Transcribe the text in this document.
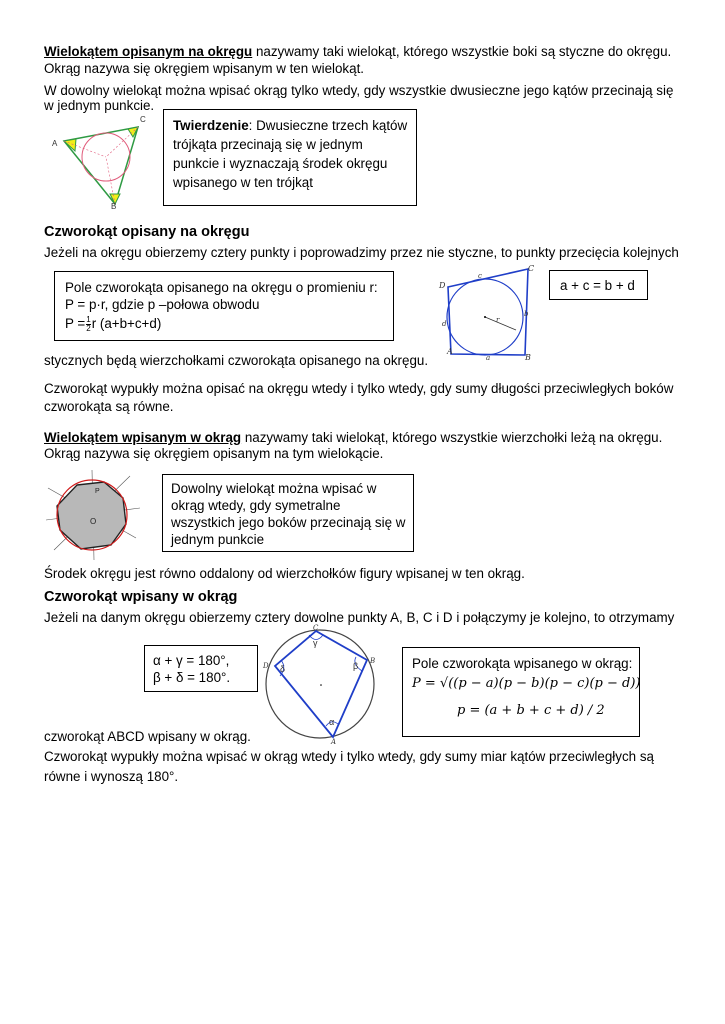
Wielokątem opisanym na okręgu nazywamy taki wielokąt, którego wszystkie boki są styczne do okręgu.
Okrąg nazywa się okręgiem wpisanym w ten wielokąt.
W dowolny wielokąt można wpisać okrąg tylko wtedy, gdy wszystkie dwusieczne jego kątów przecinają się
w jednym punkcie.
A
C
B
Twierdzenie: Dwusieczne trzech kątów
trójkąta przecinają się w jednym
punkcie i wyznaczają środek okręgu
wpisanego w ten trójkąt
Czworokąt opisany na okręgu
Jeżeli na okręgu obierzemy cztery punkty i poprowadzimy przez nie styczne, to punkty przecięcia kolejnych
Pole czworokąta opisanego na okręgu o promieniu r:
P = p·r, gdzie p –połowa obwodu
$P = \frac{1}{2}$ r (a+b+c+d)
D
C
B
A
c
b
a
d	r
a + c = b + d
stycznych będą wierzchołkami czworokąta opisanego na okręgu.
Czworokąt wypukły można opisać na okręgu wtedy i tylko wtedy, gdy sumy długości przeciwległych boków
czworokąta są równe.
Wielokątem wpisanym w okrąg nazywamy taki wielokąt, którego wszystkie wierzchołki leżą na okręgu.
Okrąg nazywa się okręgiem opisanym na tym wielokącie.
P
O
Dowolny wielokąt można wpisać w
okrąg wtedy, gdy symetralne
wszystkich jego boków przecinają się w
jednym punkcie
Środek okręgu jest równo oddalony od wierzchołków figury wpisanej w ten okrąg.
Czworokąt wpisany w okrąg
Jeżeli na danym okręgu obierzemy cztery dowolne punkty A, B, C i D i połączymy je kolejno, to otrzymamy
α + γ = 180°,
β + δ = 180°.
C
B
A
D
γ
β
α
δ	Pole czworokąta wpisanego w okrąg:
P = √((p − a)(p − b)(p − c)(p − d))
p = (a + b + c + d) / 2
czworokąt ABCD wpisany w okrąg.
Czworokąt wypukły można wpisać w okrąg wtedy i tylko wtedy, gdy sumy miar kątów przeciwległych są
równe i wynoszą 180°.
